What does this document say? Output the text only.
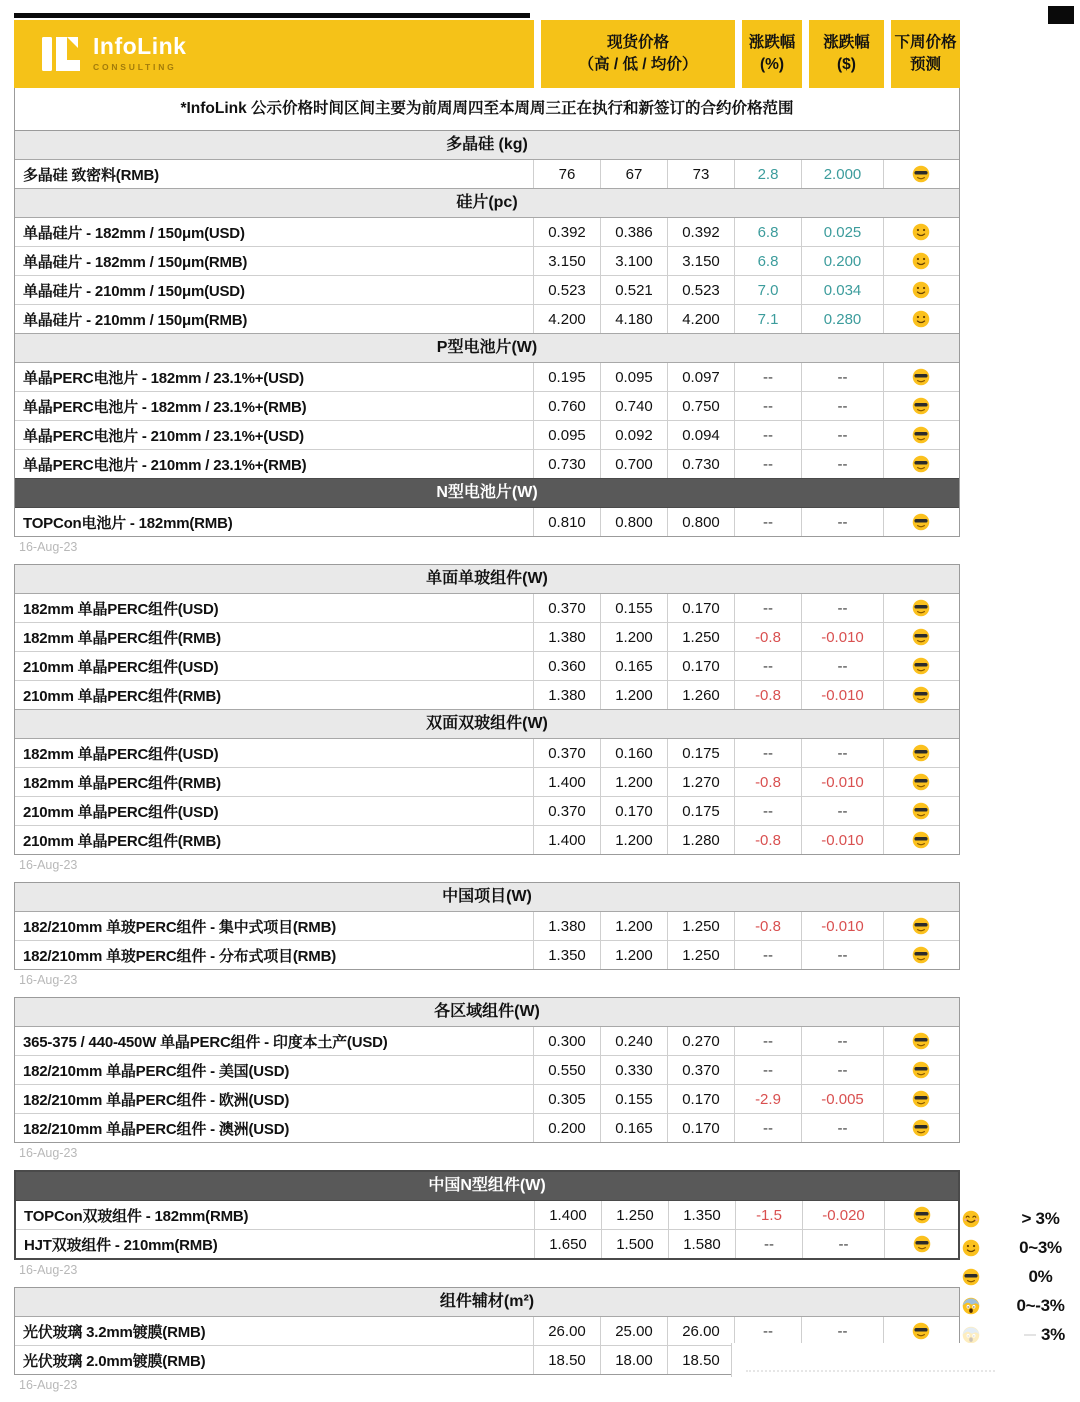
InfoLink
CONSULTING
现货价格
（高 / 低 / 均价）
涨跌幅
(%)
涨跌幅
($)
下周价格
预测
*InfoLink 公示价格时间区间主要为前周周四至本周周三正在执行和新签订的合约价格范围
多晶硅 (kg)
多晶硅 致密料(RMB)	76	67	73	2.8	2.000
硅片(pc)
单晶硅片 - 182mm / 150μm(USD)	0.392	0.386	0.392	6.8	0.025
单晶硅片 - 182mm / 150μm(RMB)	3.150	3.100	3.150	6.8	0.200
单晶硅片 - 210mm / 150μm(USD)	0.523	0.521	0.523	7.0	0.034
单晶硅片 - 210mm / 150μm(RMB)	4.200	4.180	4.200	7.1	0.280
P型电池片(W)
单晶PERC电池片 - 182mm / 23.1%+(USD)	0.195	0.095	0.097	--	--
单晶PERC电池片 - 182mm / 23.1%+(RMB)	0.760	0.740	0.750	--	--
单晶PERC电池片 - 210mm / 23.1%+(USD)	0.095	0.092	0.094	--	--
单晶PERC电池片 - 210mm / 23.1%+(RMB)	0.730	0.700	0.730	--	--
N型电池片(W)
TOPCon电池片 - 182mm(RMB)	0.810	0.800	0.800	--	--
16-Aug-23
单面单玻组件(W)
182mm 单晶PERC组件(USD)	0.370	0.155	0.170	--	--
182mm 单晶PERC组件(RMB)	1.380	1.200	1.250	-0.8	-0.010
210mm 单晶PERC组件(USD)	0.360	0.165	0.170	--	--
210mm 单晶PERC组件(RMB)	1.380	1.200	1.260	-0.8	-0.010
双面双玻组件(W)
182mm 单晶PERC组件(USD)	0.370	0.160	0.175	--	--
182mm 单晶PERC组件(RMB)	1.400	1.200	1.270	-0.8	-0.010
210mm 单晶PERC组件(USD)	0.370	0.170	0.175	--	--
210mm 单晶PERC组件(RMB)	1.400	1.200	1.280	-0.8	-0.010
16-Aug-23
中国项目(W)
182/210mm 单玻PERC组件 - 集中式项目(RMB)	1.380	1.200	1.250	-0.8	-0.010
182/210mm 单玻PERC组件 - 分布式项目(RMB)	1.350	1.200	1.250	--	--
16-Aug-23
各区域组件(W)
365-375 / 440-450W 单晶PERC组件 - 印度本土产(USD)	0.300	0.240	0.270	--	--
182/210mm 单晶PERC组件 - 美国(USD)	0.550	0.330	0.370	--	--
182/210mm 单晶PERC组件 - 欧洲(USD)	0.305	0.155	0.170	-2.9	-0.005
182/210mm 单晶PERC组件 - 澳洲(USD)	0.200	0.165	0.170	--	--
16-Aug-23
中国N型组件(W)
TOPCon双玻组件 - 182mm(RMB)	1.400	1.250	1.350	-1.5	-0.020
HJT双玻组件 - 210mm(RMB)	1.650	1.500	1.580	--	--
16-Aug-23
组件辅材(m²)
光伏玻璃 3.2mm镀膜(RMB)	26.00	25.00	26.00	--	--
光伏玻璃 2.0mm镀膜(RMB)	18.50	18.00	18.50
16-Aug-23
> 3%
0~3%
0%
0~-3%
3%
